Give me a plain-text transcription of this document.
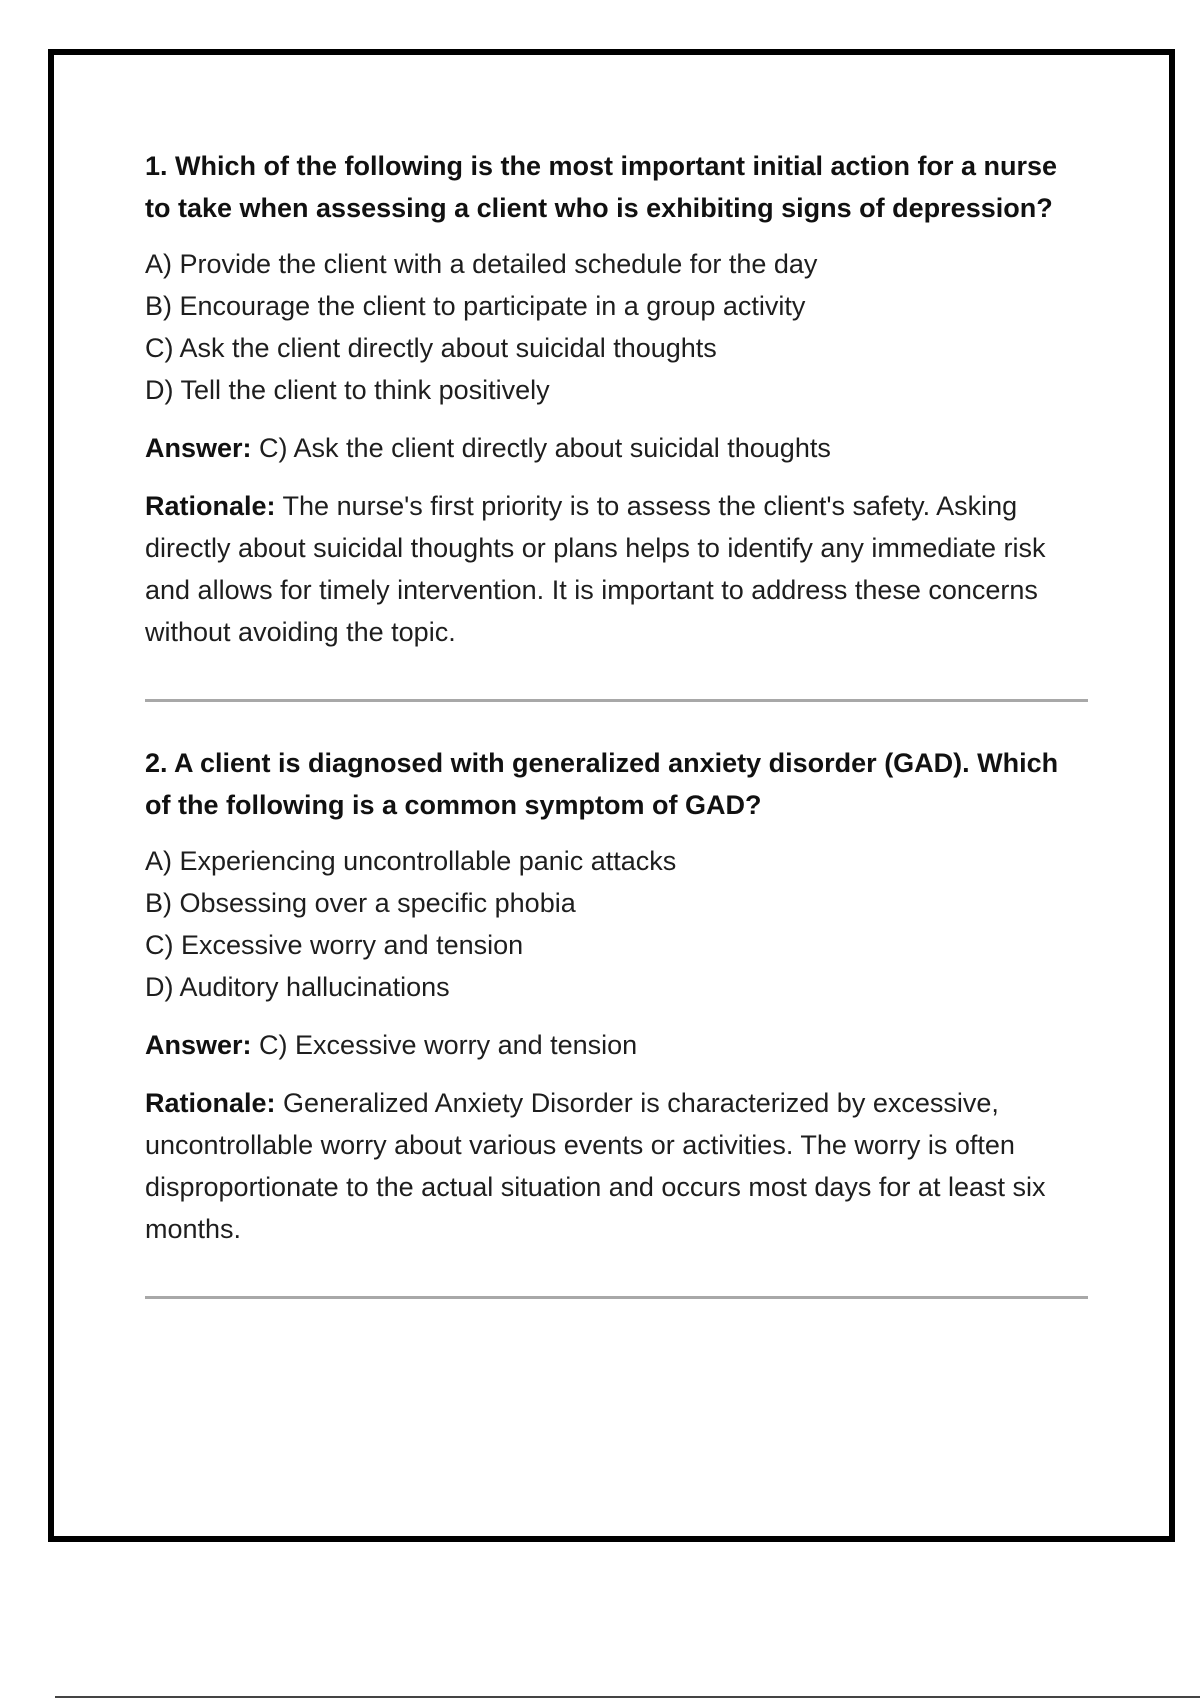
1. Which of the following is the most important initial action for a nurse to take when assessing a client who is exhibiting signs of depression?

A) Provide the client with a detailed schedule for the day
B) Encourage the client to participate in a group activity
C) Ask the client directly about suicidal thoughts
D) Tell the client to think positively

Answer: C) Ask the client directly about suicidal thoughts

Rationale: The nurse's first priority is to assess the client's safety. Asking directly about suicidal thoughts or plans helps to identify any immediate risk and allows for timely intervention. It is important to address these concerns without avoiding the topic.

2. A client is diagnosed with generalized anxiety disorder (GAD). Which of the following is a common symptom of GAD?

A) Experiencing uncontrollable panic attacks
B) Obsessing over a specific phobia
C) Excessive worry and tension
D) Auditory hallucinations

Answer: C) Excessive worry and tension

Rationale: Generalized Anxiety Disorder is characterized by excessive, uncontrollable worry about various events or activities. The worry is often disproportionate to the actual situation and occurs most days for at least six months.
